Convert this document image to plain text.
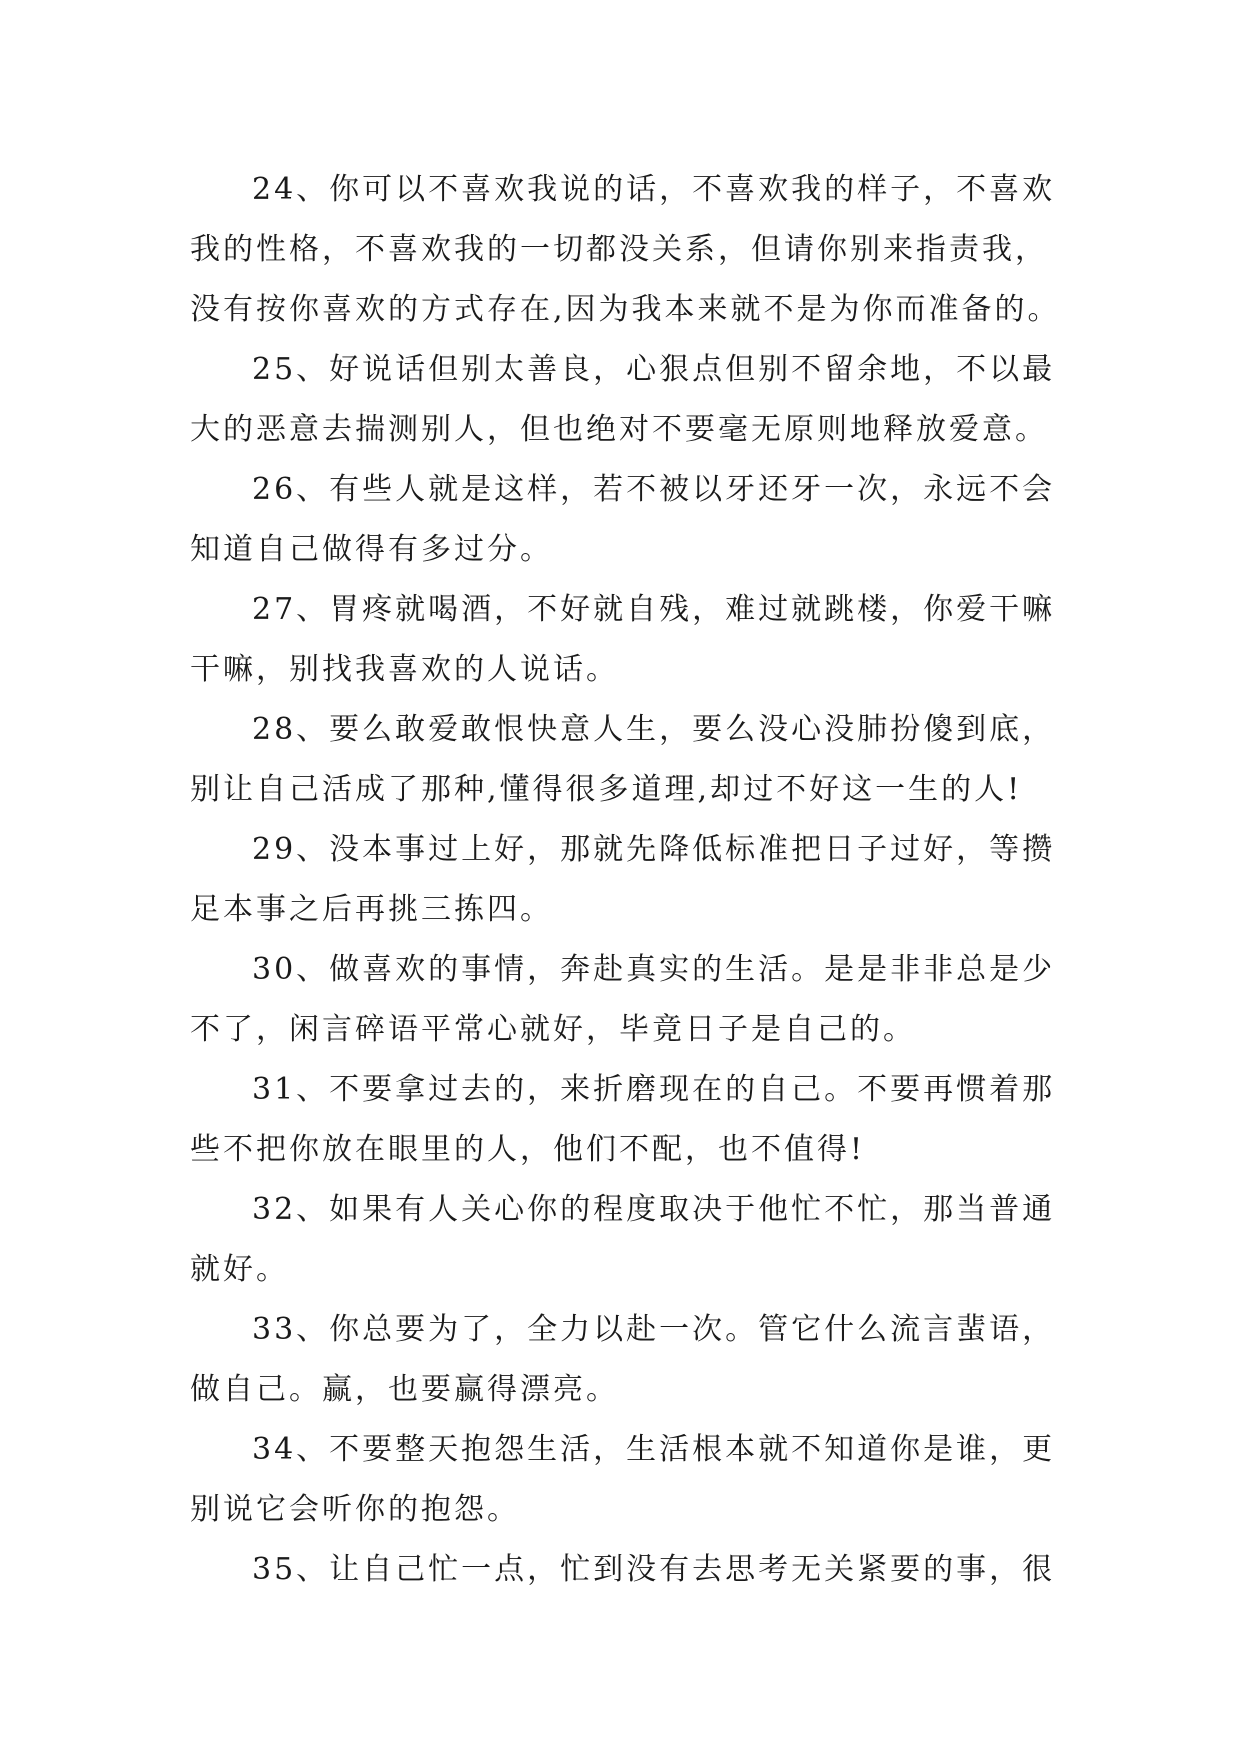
24、你可以不喜欢我说的话，不喜欢我的样子，不喜欢
我的性格，不喜欢我的一切都没关系，但请你别来指责我，
没有按你喜欢的方式存在,因为我本来就不是为你而准备的。

25、好说话但别太善良，心狠点但别不留余地，不以最
大的恶意去揣测别人，但也绝对不要毫无原则地释放爱意。

26、有些人就是这样，若不被以牙还牙一次，永远不会
知道自己做得有多过分。

27、胃疼就喝酒，不好就自残，难过就跳楼，你爱干嘛
干嘛，别找我喜欢的人说话。

28、要么敢爱敢恨快意人生，要么没心没肺扮傻到底，
别让自己活成了那种,懂得很多道理,却过不好这一生的人!

29、没本事过上好，那就先降低标准把日子过好，等攒
足本事之后再挑三拣四。

30、做喜欢的事情，奔赴真实的生活。是是非非总是少
不了，闲言碎语平常心就好，毕竟日子是自己的。

31、不要拿过去的，来折磨现在的自己。不要再惯着那
些不把你放在眼里的人，他们不配，也不值得!

32、如果有人关心你的程度取决于他忙不忙，那当普通
就好。

33、你总要为了，全力以赴一次。管它什么流言蜚语，
做自己。赢，也要赢得漂亮。

34、不要整天抱怨生活，生活根本就不知道你是谁，更
别说它会听你的抱怨。

35、让自己忙一点，忙到没有去思考无关紧要的事，很
